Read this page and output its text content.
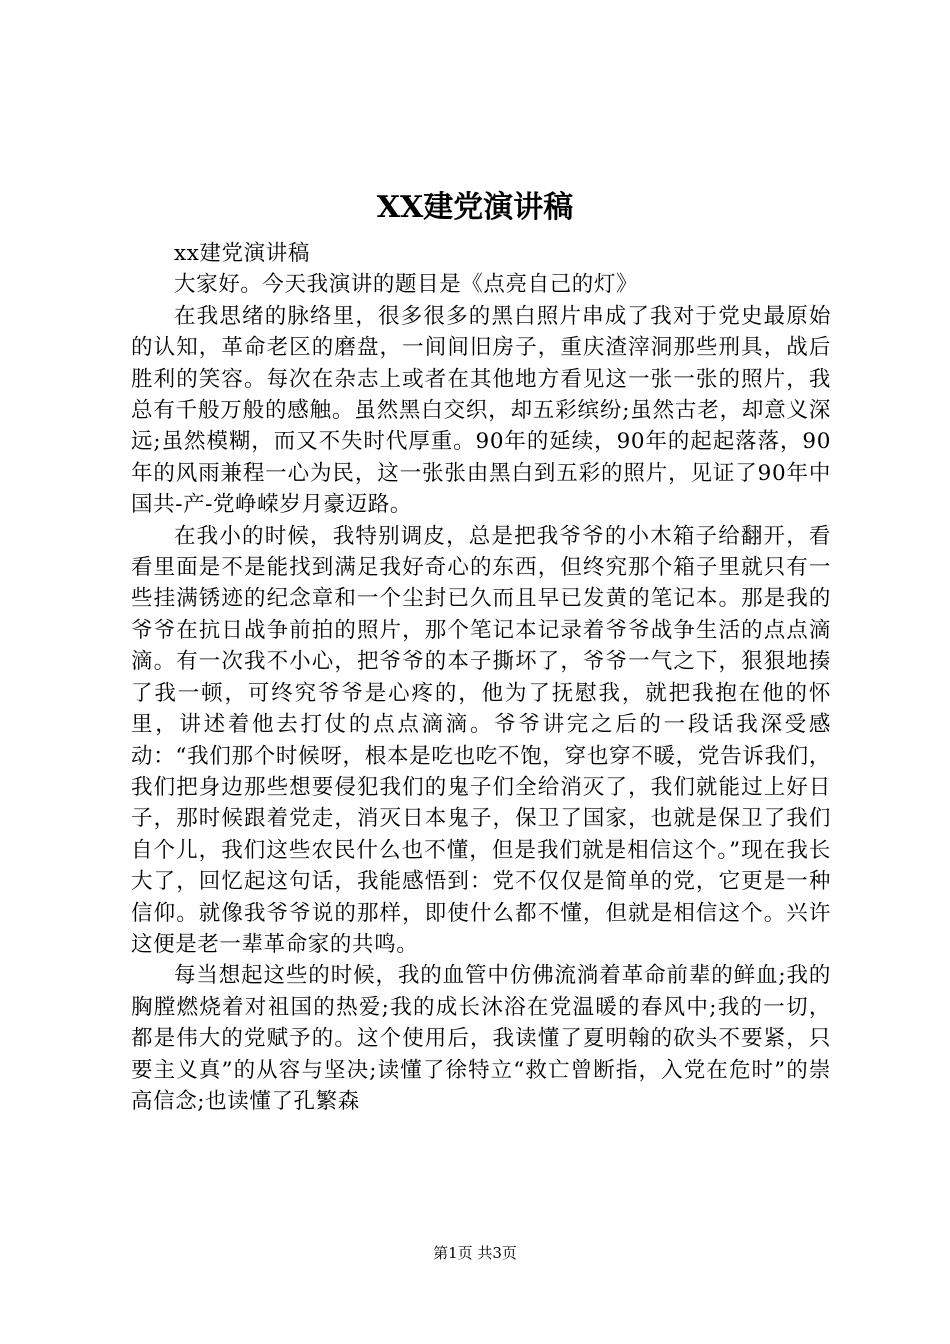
XX建党演讲稿

xx建党演讲稿

大家好。今天我演讲的题目是《点亮自己的灯》

在我思绪的脉络里，很多很多的黑白照片串成了我对于党史最原始的认知，革命老区的磨盘，一间间旧房子，重庆渣滓洞那些刑具，战后胜利的笑容。每次在杂志上或者在其他地方看见这一张一张的照片，我总有千般万般的感触。虽然黑白交织，却五彩缤纷;虽然古老，却意义深远;虽然模糊，而又不失时代厚重。90年的延续，90年的起起落落，90年的风雨兼程一心为民，这一张张由黑白到五彩的照片，见证了90年中国共-产-党峥嵘岁月豪迈路。

在我小的时候，我特别调皮，总是把我爷爷的小木箱子给翻开，看看里面是不是能找到满足我好奇心的东西，但终究那个箱子里就只有一些挂满锈迹的纪念章和一个尘封已久而且早已发黄的笔记本。那是我的爷爷在抗日战争前拍的照片，那个笔记本记录着爷爷战争生活的点点滴滴。有一次我不小心，把爷爷的本子撕坏了，爷爷一气之下，狠狠地揍了我一顿，可终究爷爷是心疼的，他为了抚慰我，就把我抱在他的怀里，讲述着他去打仗的点点滴滴。爷爷讲完之后的一段话我深受感动：“我们那个时候呀，根本是吃也吃不饱，穿也穿不暖，党告诉我们，我们把身边那些想要侵犯我们的鬼子们全给消灭了，我们就能过上好日子，那时候跟着党走，消灭日本鬼子，保卫了国家，也就是保卫了我们自个儿，我们这些农民什么也不懂，但是我们就是相信这个。”现在我长大了，回忆起这句话，我能感悟到：党不仅仅是简单的党，它更是一种信仰。就像我爷爷说的那样，即使什么都不懂，但就是相信这个。兴许这便是老一辈革命家的共鸣。

每当想起这些的时候，我的血管中仿佛流淌着革命前辈的鲜血;我的胸膛燃烧着对祖国的热爱;我的成长沐浴在党温暖的春风中;我的一切，都是伟大的党赋予的。这个使用后，我读懂了夏明翰的砍头不要紧，只要主义真”的从容与坚决;读懂了徐特立“救亡曾断指，入党在危时”的崇高信念;也读懂了孔繁森

第1页 共3页
